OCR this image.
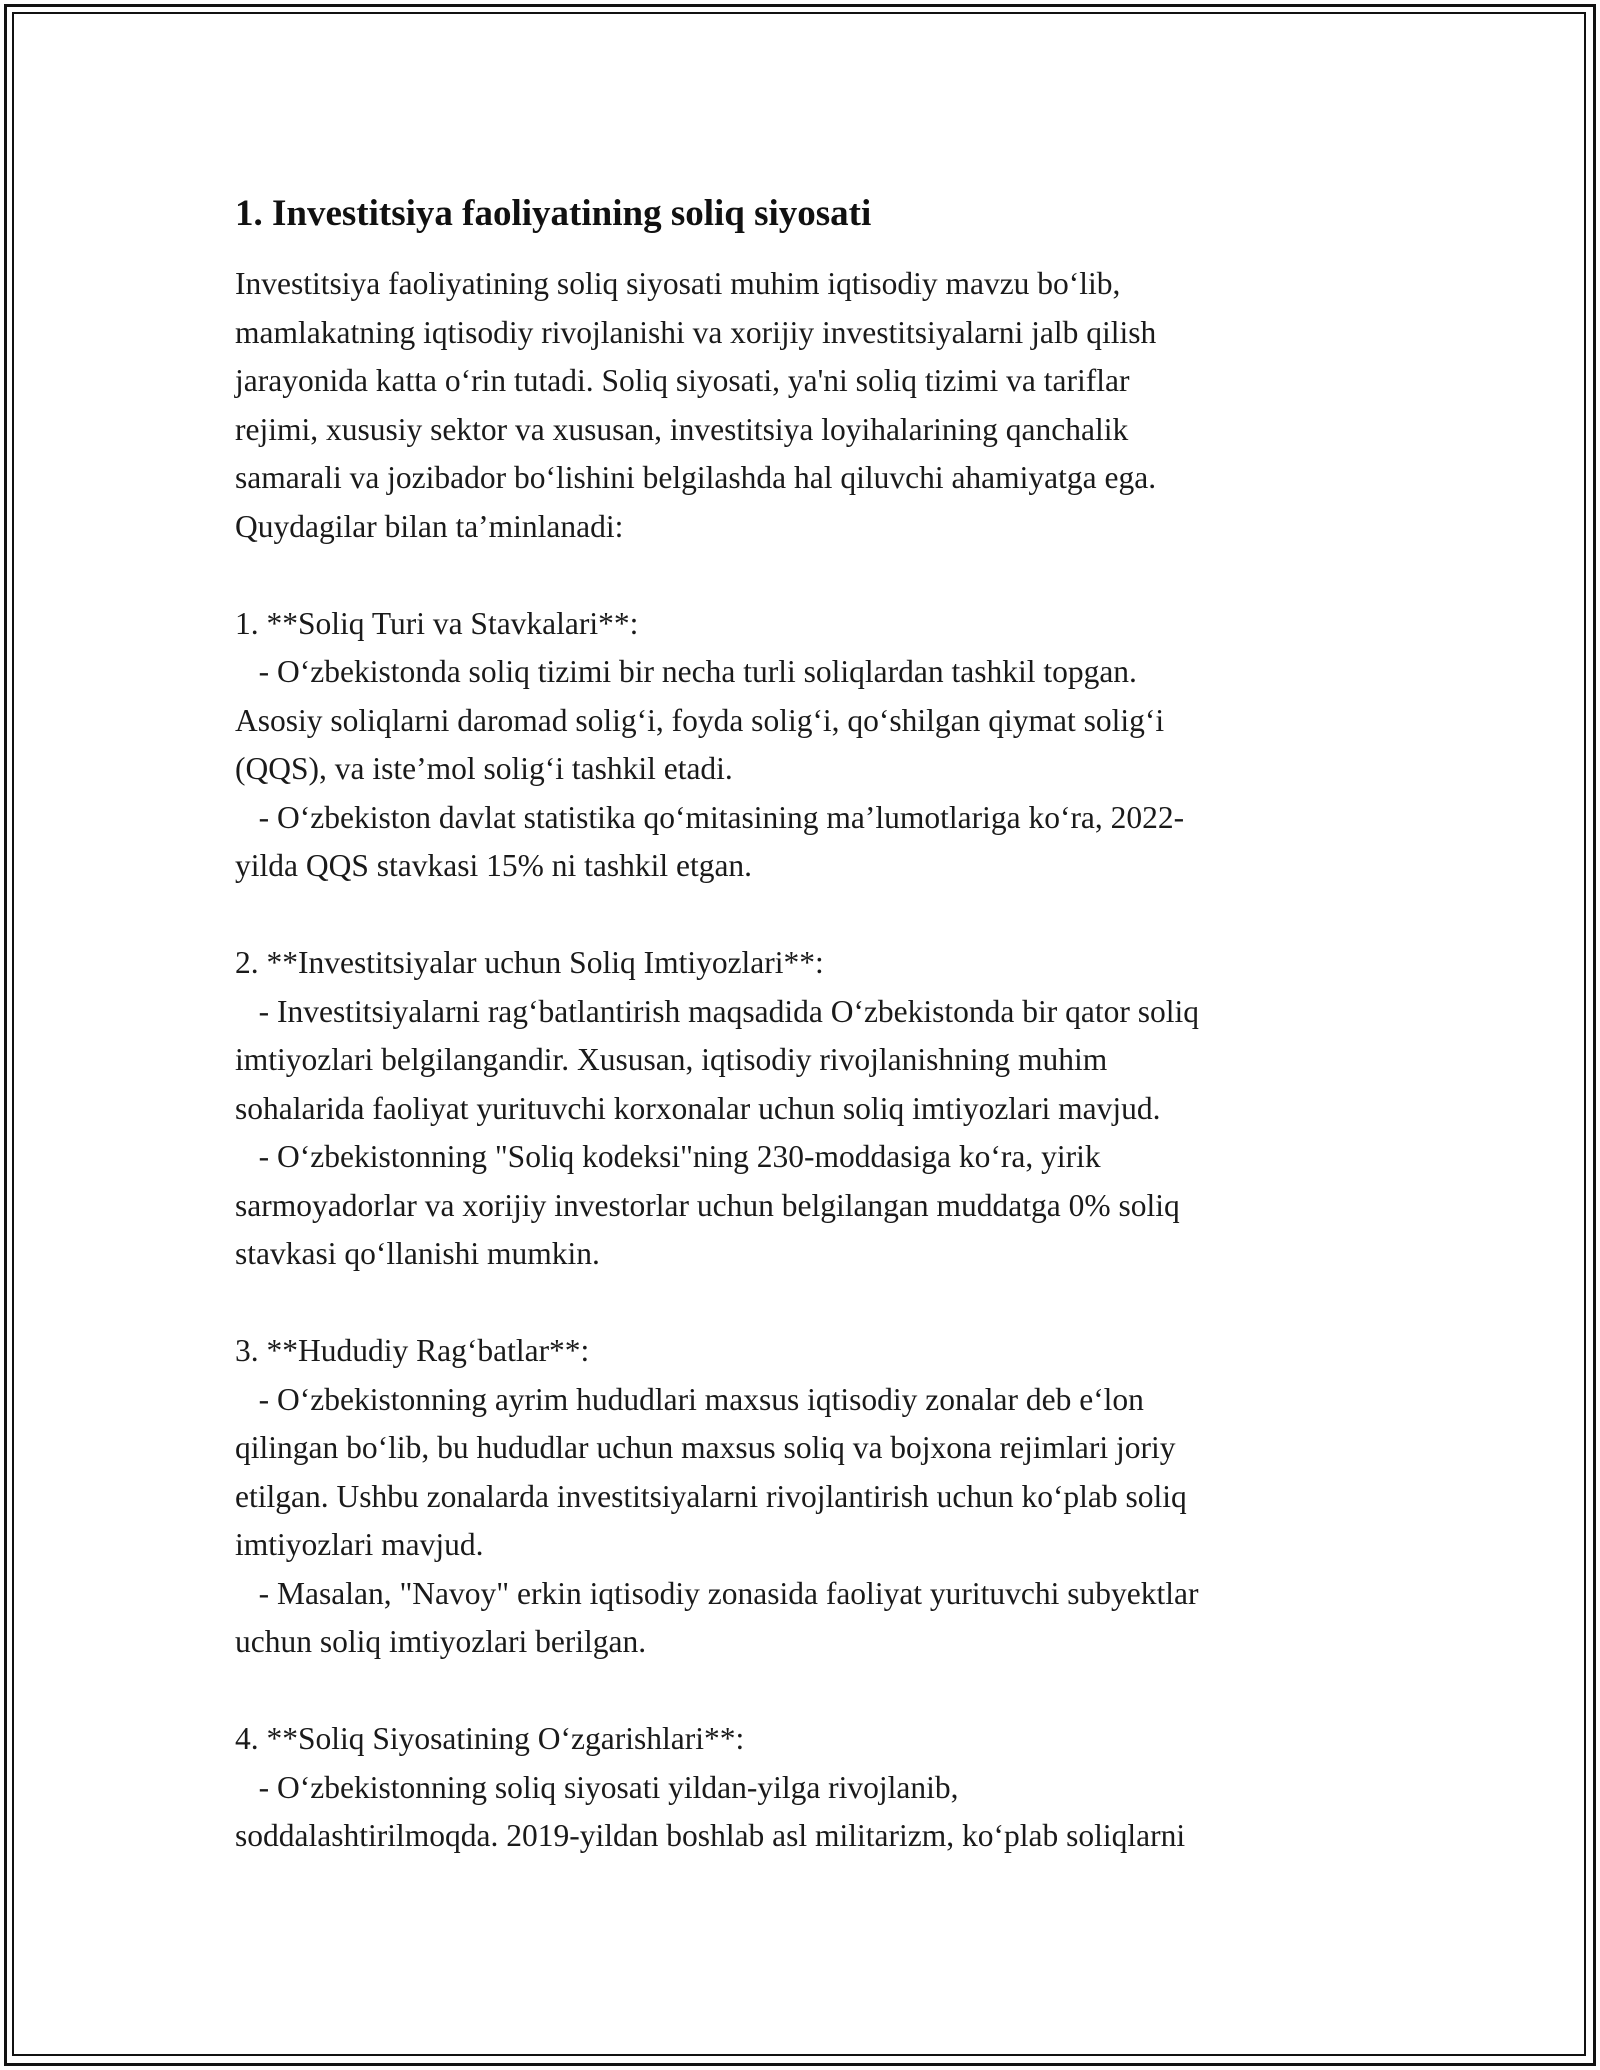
1. Investitsiya faoliyatining soliq siyosati
Investitsiya faoliyatining soliq siyosati muhim iqtisodiy mavzu bo‘lib,
mamlakatning iqtisodiy rivojlanishi va xorijiy investitsiyalarni jalb qilish
jarayonida katta o‘rin tutadi. Soliq siyosati, ya'ni soliq tizimi va tariflar
rejimi, xususiy sektor va xususan, investitsiya loyihalarining qanchalik
samarali va jozibador bo‘lishini belgilashda hal qiluvchi ahamiyatga ega.
Quydagilar bilan ta’minlanadi:
1. **Soliq Turi va Stavkalari**:
- O‘zbekistonda soliq tizimi bir necha turli soliqlardan tashkil topgan.
Asosiy soliqlarni daromad solig‘i, foyda solig‘i, qo‘shilgan qiymat solig‘i
(QQS), va iste’mol solig‘i tashkil etadi.
- O‘zbekiston davlat statistika qo‘mitasining ma’lumotlariga ko‘ra, 2022-
yilda QQS stavkasi 15% ni tashkil etgan.
2. **Investitsiyalar uchun Soliq Imtiyozlari**:
- Investitsiyalarni rag‘batlantirish maqsadida O‘zbekistonda bir qator soliq
imtiyozlari belgilangandir. Xususan, iqtisodiy rivojlanishning muhim
sohalarida faoliyat yurituvchi korxonalar uchun soliq imtiyozlari mavjud.
- O‘zbekistonning "Soliq kodeksi"ning 230-moddasiga ko‘ra, yirik
sarmoyadorlar va xorijiy investorlar uchun belgilangan muddatga 0% soliq
stavkasi qo‘llanishi mumkin.
3. **Hududiy Rag‘batlar**:
- O‘zbekistonning ayrim hududlari maxsus iqtisodiy zonalar deb e‘lon
qilingan bo‘lib, bu hududlar uchun maxsus soliq va bojxona rejimlari joriy
etilgan. Ushbu zonalarda investitsiyalarni rivojlantirish uchun ko‘plab soliq
imtiyozlari mavjud.
- Masalan, "Navoy" erkin iqtisodiy zonasida faoliyat yurituvchi subyektlar
uchun soliq imtiyozlari berilgan.
4. **Soliq Siyosatining O‘zgarishlari**:
- O‘zbekistonning soliq siyosati yildan-yilga rivojlanib,
soddalashtirilmoqda. 2019-yildan boshlab asl militarizm, ko‘plab soliqlarni
